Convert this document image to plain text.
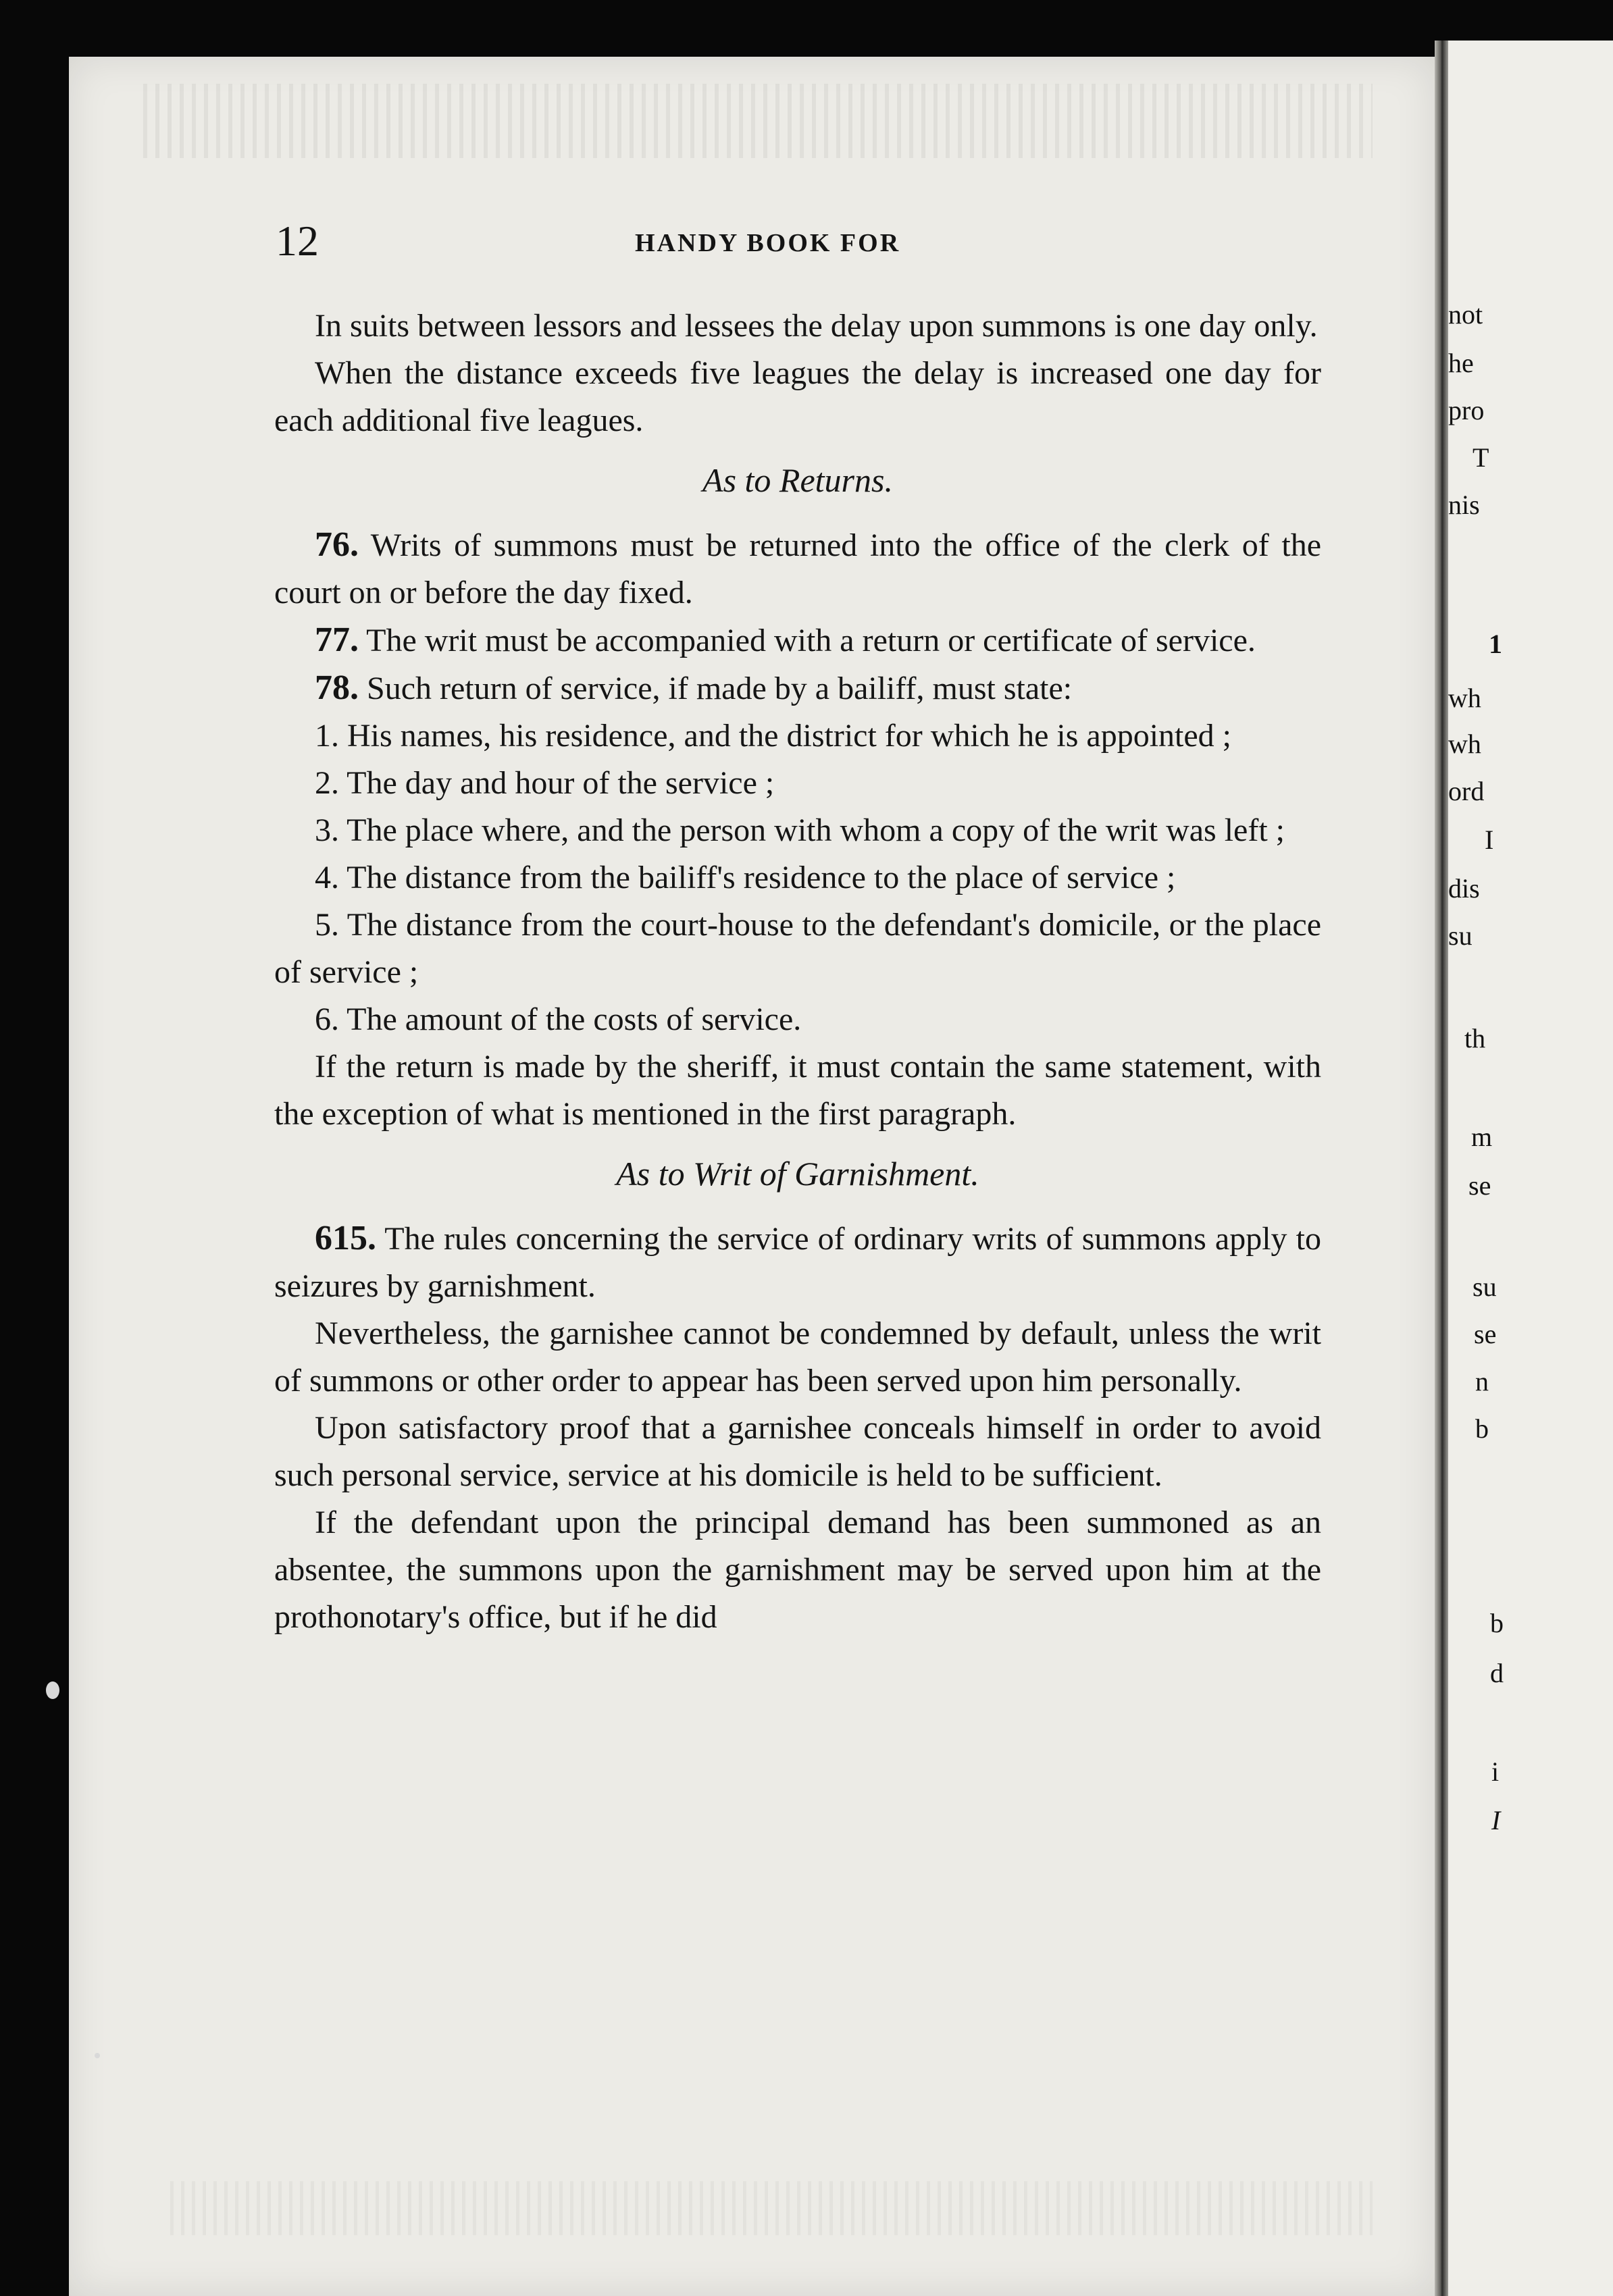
not
he
pro
T
nis
1
wh
wh
ord
I
dis
su
th
m
se
su
se
n
b
b
d
i
I
12	HANDY BOOK FOR

In suits between lessors and lessees the delay upon summons is one day only.

When the distance exceeds five leagues the delay is increased one day for each additional five leagues.

As to Returns.

76. Writs of summons must be returned into the office of the clerk of the court on or before the day fixed.

77. The writ must be accompanied with a return or certificate of service.

78. Such return of service, if made by a bailiff, must state:

1. His names, his residence, and the district for which he is appointed ;

2. The day and hour of the service ;

3. The place where, and the person with whom a copy of the writ was left ;

4. The distance from the bailiff's residence to the place of service ;

5. The distance from the court-house to the defendant's domicile, or the place of service ;

6. The amount of the costs of service.

If the return is made by the sheriff, it must contain the same statement, with the exception of what is mentioned in the first paragraph.

As to Writ of Garnishment.

615. The rules concerning the service of ordinary writs of summons apply to seizures by garnishment.

Nevertheless, the garnishee cannot be condemned by default, unless the writ of summons or other order to appear has been served upon him personally.

Upon satisfactory proof that a garnishee conceals himself in order to avoid such personal service, service at his domicile is held to be sufficient.

If the defendant upon the principal demand has been summoned as an absentee, the summons upon the garnishment may be served upon him at the prothonotary's office, but if he did
